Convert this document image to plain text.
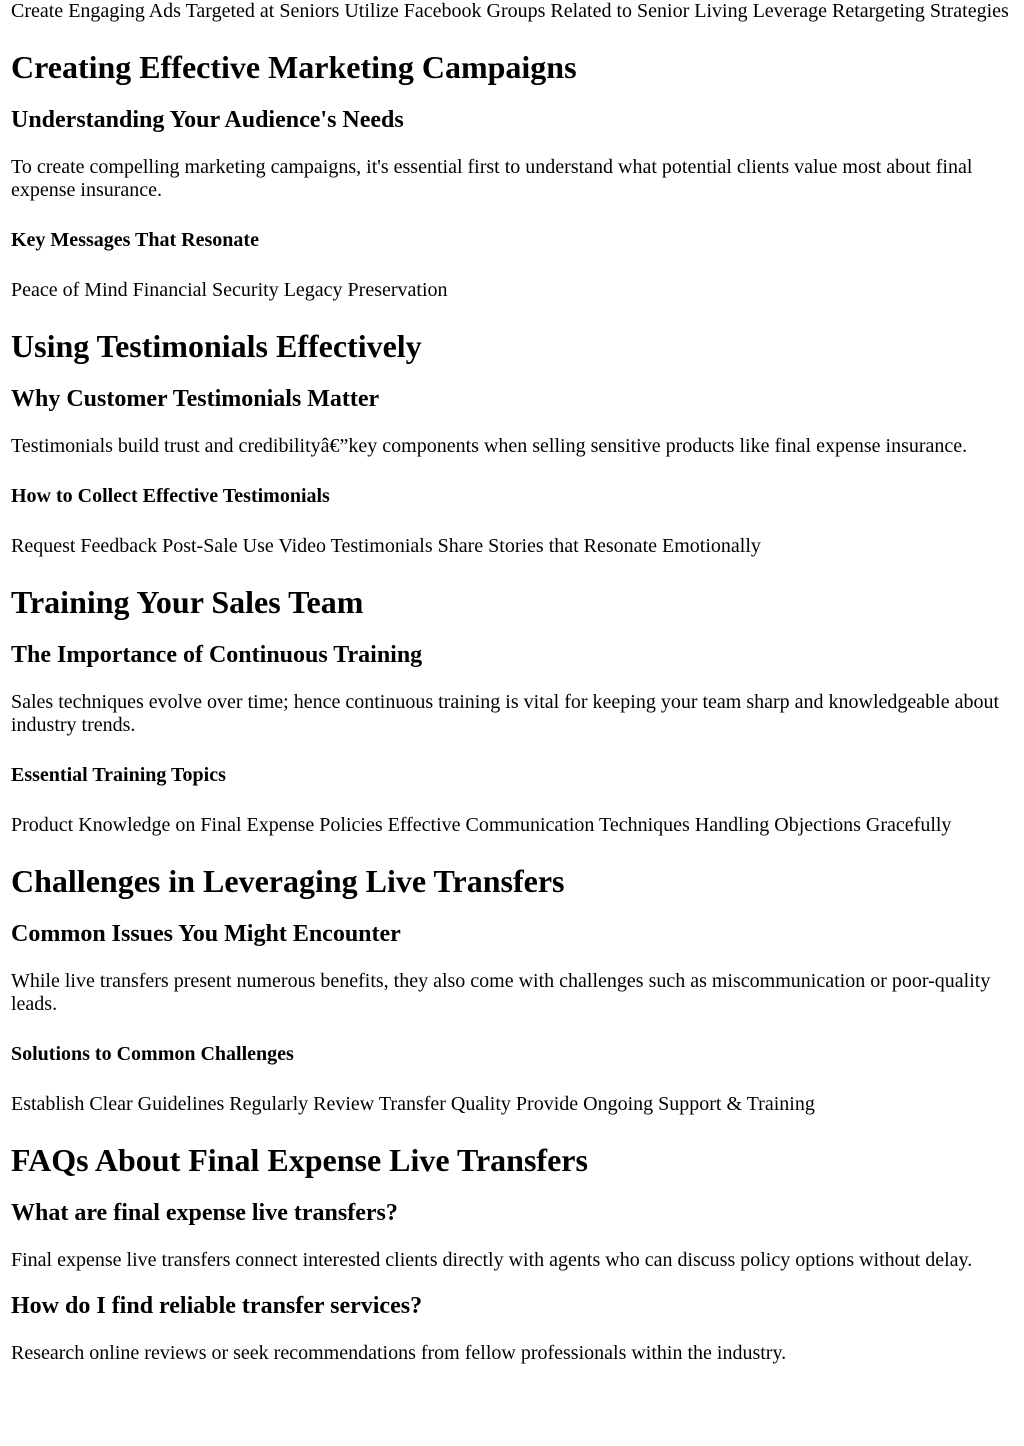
Create Engaging Ads Targeted at Seniors Utilize Facebook Groups Related to Senior Living Leverage Retargeting Strategies

Creating Effective Marketing Campaigns
Understanding Your Audience's Needs

To create compelling marketing campaigns, it's essential first to understand what potential clients value most about final expense insurance.

Key Messages That Resonate

Peace of Mind Financial Security Legacy Preservation

Using Testimonials Effectively
Why Customer Testimonials Matter

Testimonials build trust and credibilityâ€”key components when selling sensitive products like final expense insurance.

How to Collect Effective Testimonials

Request Feedback Post-Sale Use Video Testimonials Share Stories that Resonate Emotionally

Training Your Sales Team
The Importance of Continuous Training

Sales techniques evolve over time; hence continuous training is vital for keeping your team sharp and knowledgeable about industry trends.

Essential Training Topics

Product Knowledge on Final Expense Policies Effective Communication Techniques Handling Objections Gracefully

Challenges in Leveraging Live Transfers
Common Issues You Might Encounter

While live transfers present numerous benefits, they also come with challenges such as miscommunication or poor-quality leads.

Solutions to Common Challenges

Establish Clear Guidelines Regularly Review Transfer Quality Provide Ongoing Support & Training

FAQs About Final Expense Live Transfers
What are final expense live transfers?

Final expense live transfers connect interested clients directly with agents who can discuss policy options without delay.

How do I find reliable transfer services?

Research online reviews or seek recommendations from fellow professionals within the industry.
